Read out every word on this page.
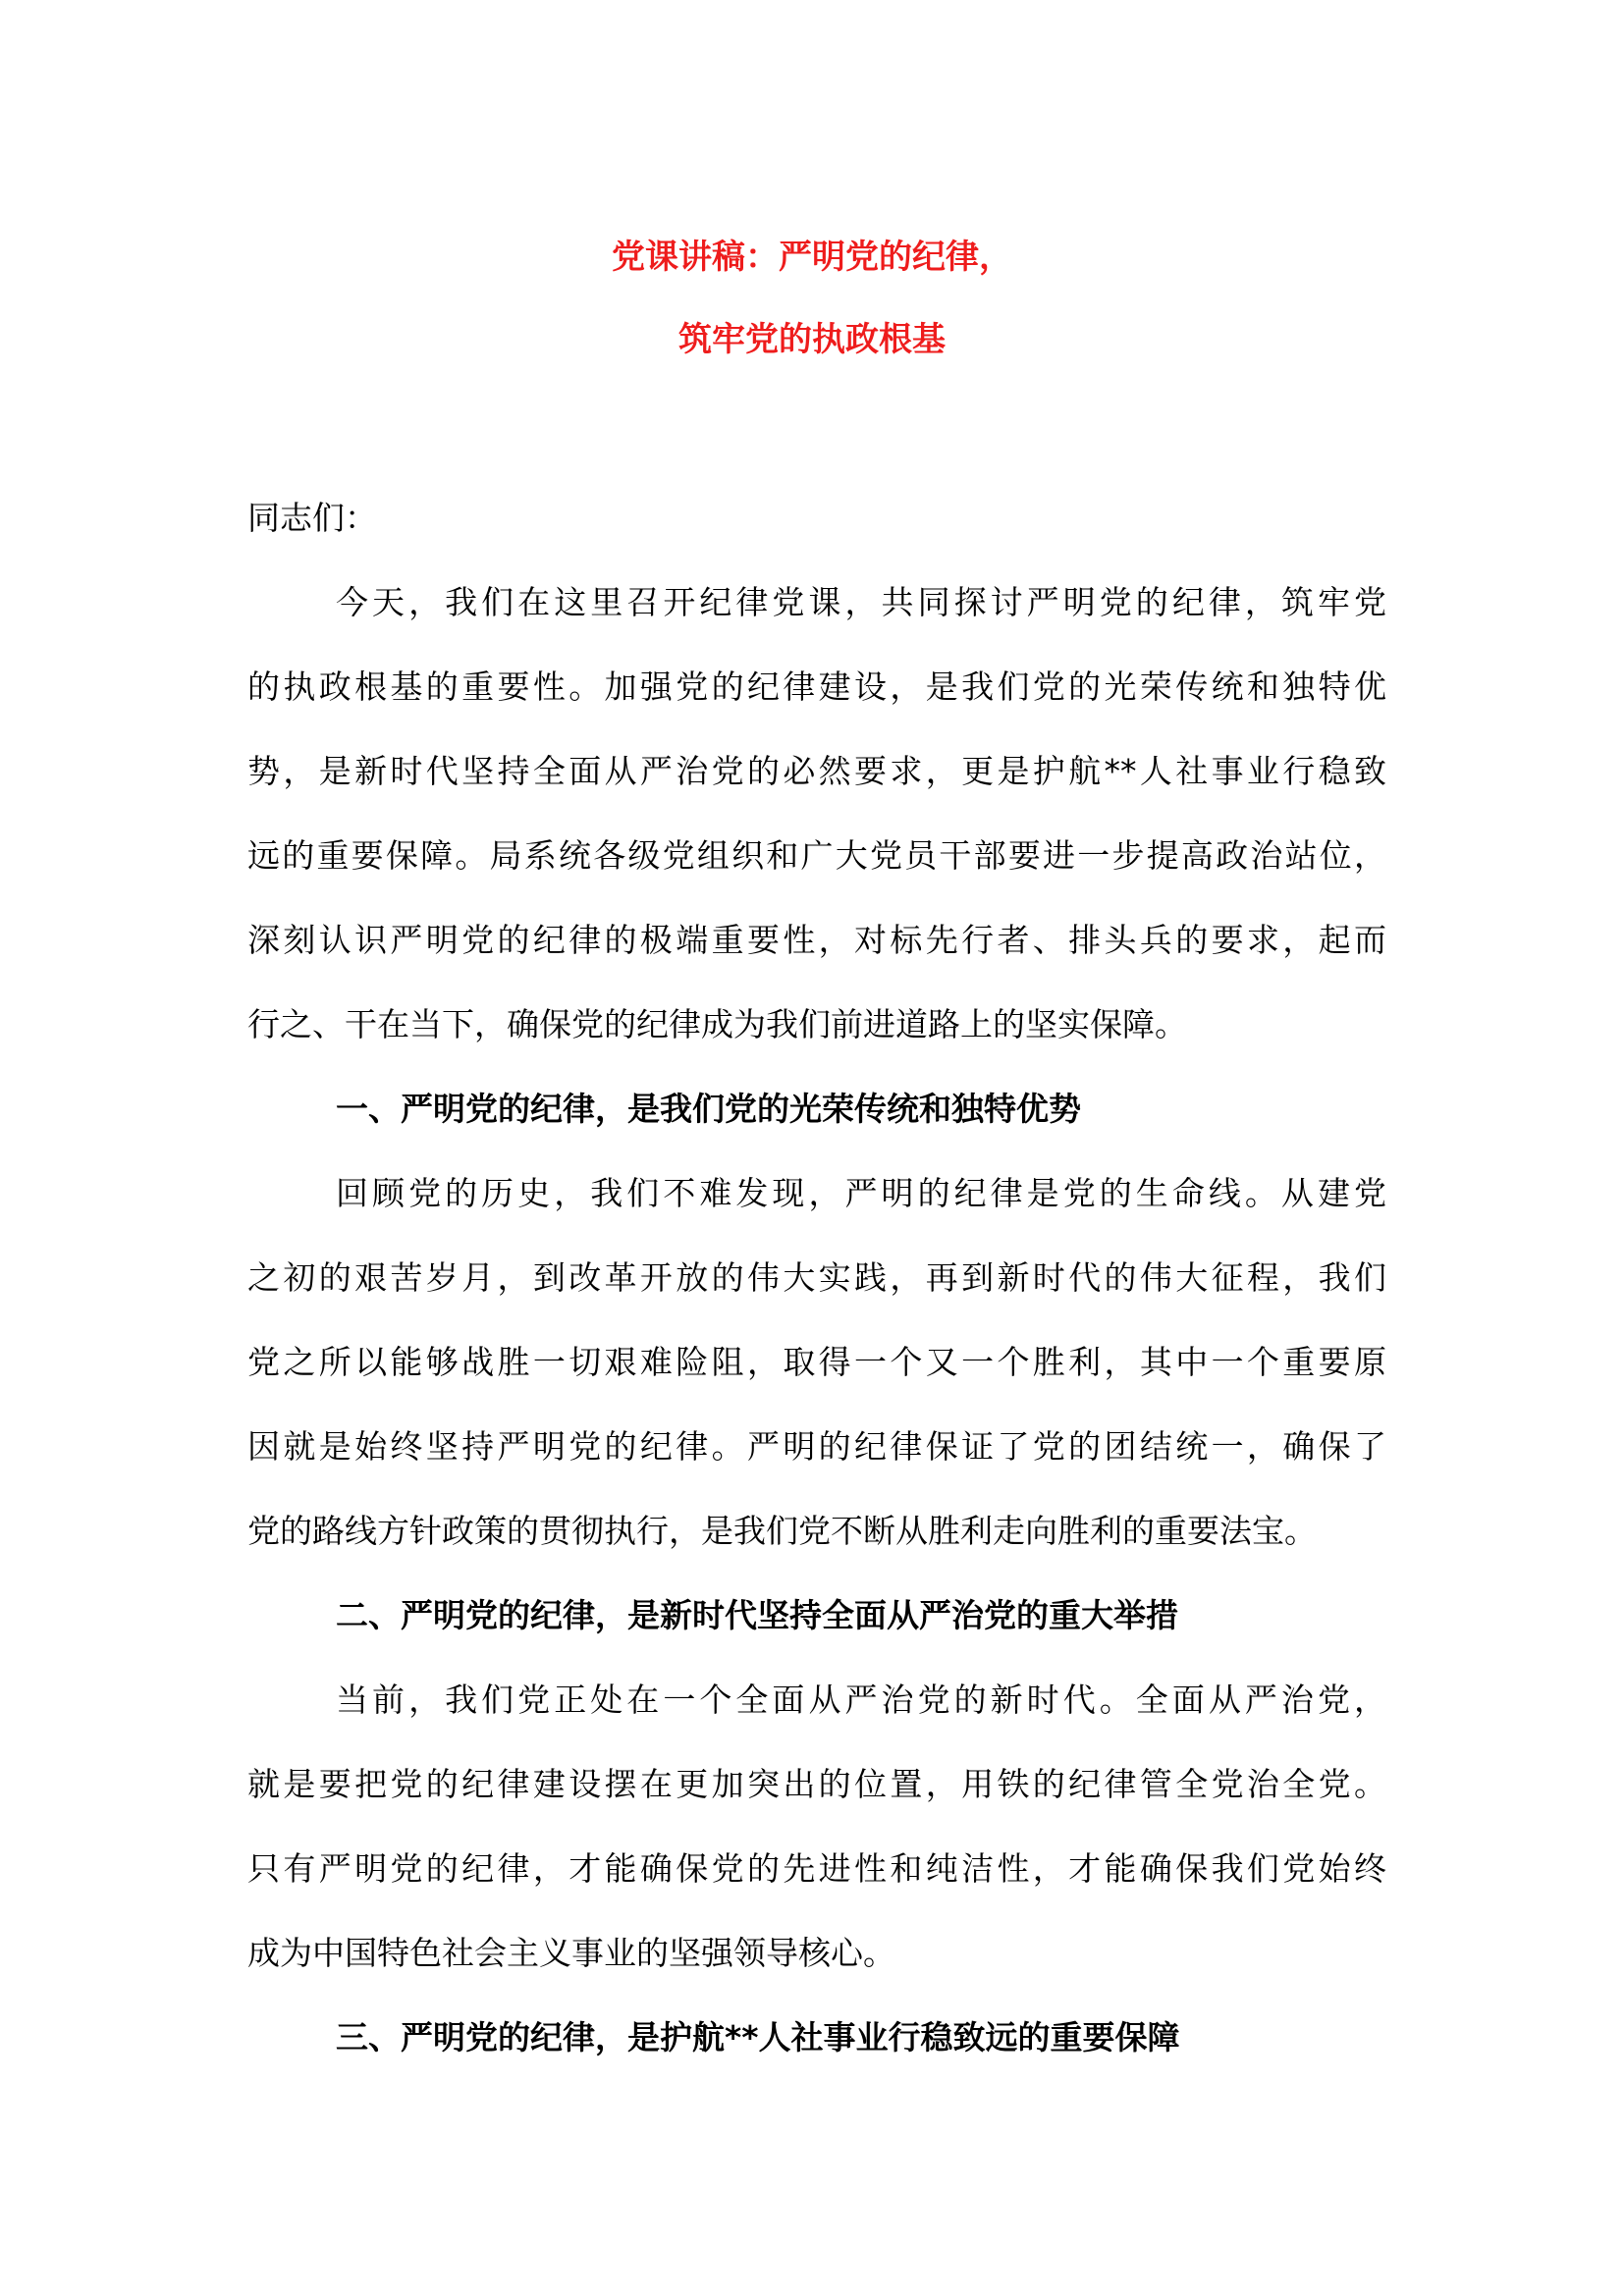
党课讲稿：严明党的纪律，
筑牢党的执政根基
同志们：
今天，我们在这里召开纪律党课，共同探讨严明党的纪律，筑牢党
的执政根基的重要性。加强党的纪律建设，是我们党的光荣传统和独特优
势，是新时代坚持全面从严治党的必然要求，更是护航**人社事业行稳致
远的重要保障。局系统各级党组织和广大党员干部要进一步提高政治站位，
深刻认识严明党的纪律的极端重要性，对标先行者、排头兵的要求，起而
行之、干在当下，确保党的纪律成为我们前进道路上的坚实保障。
一、严明党的纪律，是我们党的光荣传统和独特优势
回顾党的历史，我们不难发现，严明的纪律是党的生命线。从建党
之初的艰苦岁月，到改革开放的伟大实践，再到新时代的伟大征程，我们
党之所以能够战胜一切艰难险阻，取得一个又一个胜利，其中一个重要原
因就是始终坚持严明党的纪律。严明的纪律保证了党的团结统一，确保了
党的路线方针政策的贯彻执行，是我们党不断从胜利走向胜利的重要法宝。
二、严明党的纪律，是新时代坚持全面从严治党的重大举措
当前，我们党正处在一个全面从严治党的新时代。全面从严治党，
就是要把党的纪律建设摆在更加突出的位置，用铁的纪律管全党治全党。
只有严明党的纪律，才能确保党的先进性和纯洁性，才能确保我们党始终
成为中国特色社会主义事业的坚强领导核心。
三、严明党的纪律，是护航**人社事业行稳致远的重要保障
